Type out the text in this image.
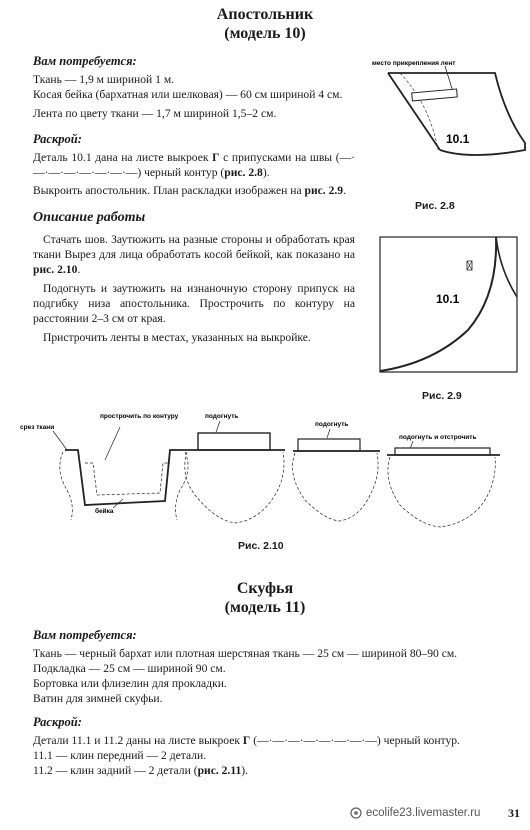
Апостольник
(модель 10)
Вам потребуется:

Ткань — 1,9 м шириной 1 м.

Косая бейка (бархатная или шелковая) — 60 см шириной 4 см.

Лента по цвету ткани — 1,7 м шириной 1,5–2 см.

Раскрой:

Деталь 10.1 дана на листе выкроек Г с припусками на швы (—·—·—·—·—·—·—·—) черный контур (рис. 2.8).

Выкроить апостольник. План раскладки изображен на рис. 2.9.

Описание работы

Стачать шов. Заутюжить на разные стороны и обработать края ткани Вырез для лица обработать косой бейкой, как показано на рис. 2.10.

Подогнуть и заутюжить на изнаночную сторону припуск на подгибку низа апостольника. Прострочить по контуру на расстоянии 2–3 см от края.

Пристрочить ленты в местах, указанных на выкройке.

место прикрепления лент
10.1
Рис. 2.8
10.1
Рис. 2.9
срез ткани
прострочить по контуру
бейка
подогнуть
подогнуть
подогнуть и отстрочить
Рис. 2.10
Скуфья
(модель 11)
Вам потребуется:

Ткань — черный бархат или плотная шерстяная ткань — 25 см — шириной 80–90 см.

Подкладка — 25 см — шириной 90 см.

Бортовка или флизелин для прокладки.

Ватин для зимней скуфьи.

Раскрой:

Детали 11.1 и 11.2 даны на листе выкроек Г (—·—·—·—·—·—·—·—) черный контур.

11.1 — клин передний — 2 детали.

11.2 — клин задний — 2 детали (рис. 2.11).

ecolife23.livemaster.ru 31
